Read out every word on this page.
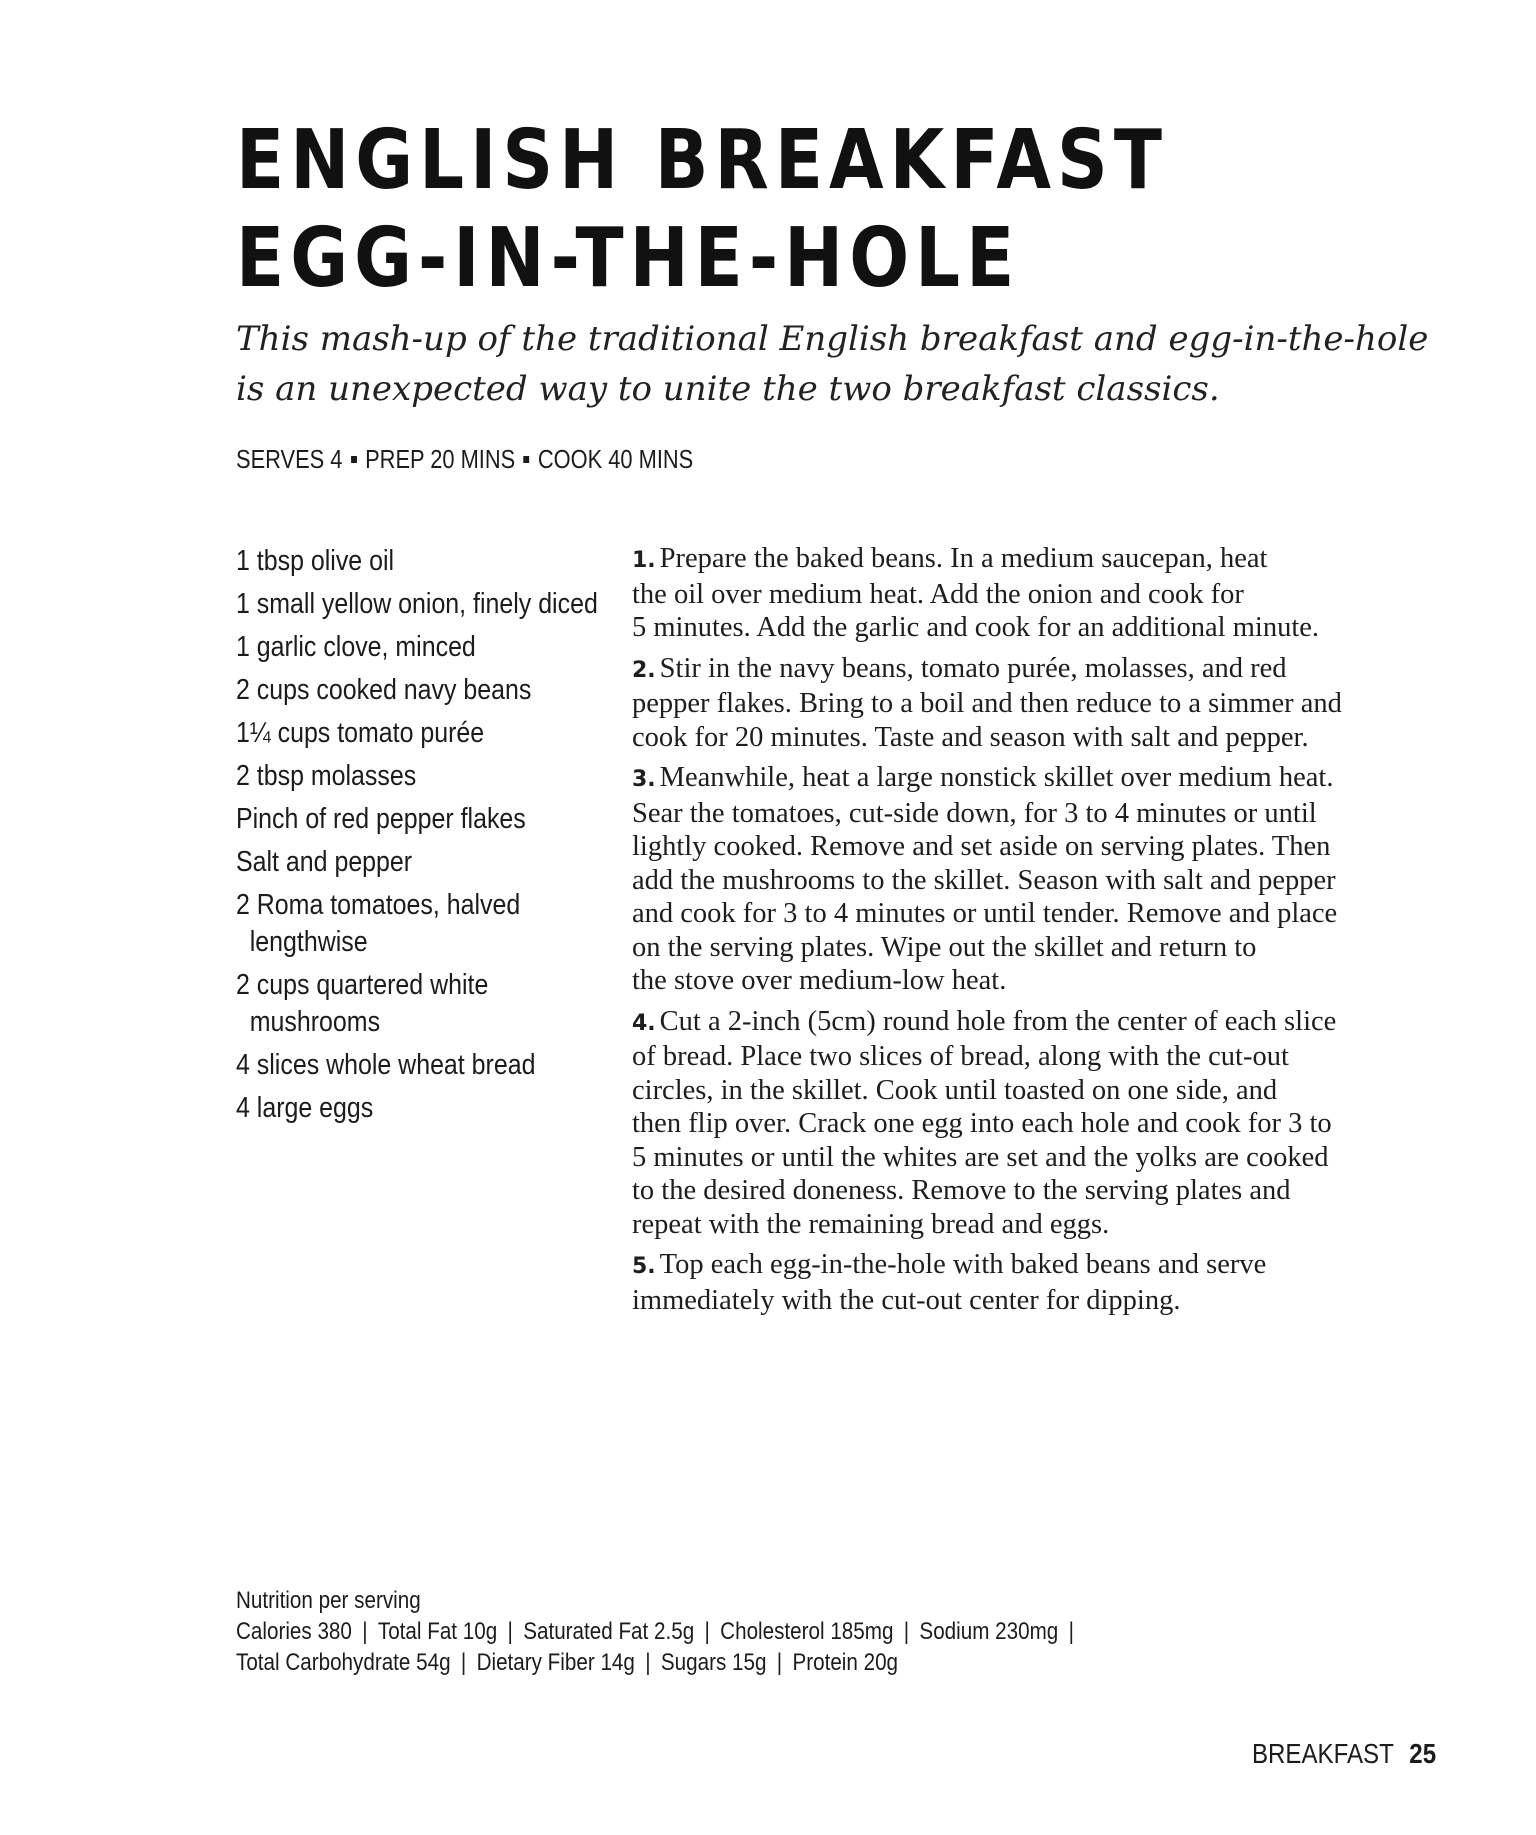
ENGLISH BREAKFAST
EGG-IN-THE-HOLE

This mash-up of the traditional English breakfast and egg-in-the-hole
is an unexpected way to unite the two breakfast classics.

SERVES 4 PREP 20 MINS COOK 40 MINS

1 tbsp olive oil
1 small yellow onion, finely diced
1 garlic clove, minced
2 cups cooked navy beans
1¼ cups tomato purée
2 tbsp molasses
Pinch of red pepper flakes
Salt and pepper
2 Roma tomatoes, halved lengthwise
2 cups quartered white mushrooms
4 slices whole wheat bread
4 large eggs

1. Prepare the baked beans. In a medium saucepan, heat
the oil over medium heat. Add the onion and cook for
5 minutes. Add the garlic and cook for an additional minute.

2. Stir in the navy beans, tomato purée, molasses, and red
pepper flakes. Bring to a boil and then reduce to a simmer and
cook for 20 minutes. Taste and season with salt and pepper.

3. Meanwhile, heat a large nonstick skillet over medium heat.
Sear the tomatoes, cut-side down, for 3 to 4 minutes or until
lightly cooked. Remove and set aside on serving plates. Then
add the mushrooms to the skillet. Season with salt and pepper
and cook for 3 to 4 minutes or until tender. Remove and place
on the serving plates. Wipe out the skillet and return to
the stove over medium-low heat.

4. Cut a 2-inch (5cm) round hole from the center of each slice
of bread. Place two slices of bread, along with the cut-out
circles, in the skillet. Cook until toasted on one side, and
then flip over. Crack one egg into each hole and cook for 3 to
5 minutes or until the whites are set and the yolks are cooked
to the desired doneness. Remove to the serving plates and
repeat with the remaining bread and eggs.

5. Top each egg-in-the-hole with baked beans and serve
immediately with the cut-out center for dipping.

Nutrition per serving
Calories 380 | Total Fat 10g | Saturated Fat 2.5g | Cholesterol 185mg | Sodium 230mg |
Total Carbohydrate 54g | Dietary Fiber 14g | Sugars 15g | Protein 20g
BREAKFAST 25
